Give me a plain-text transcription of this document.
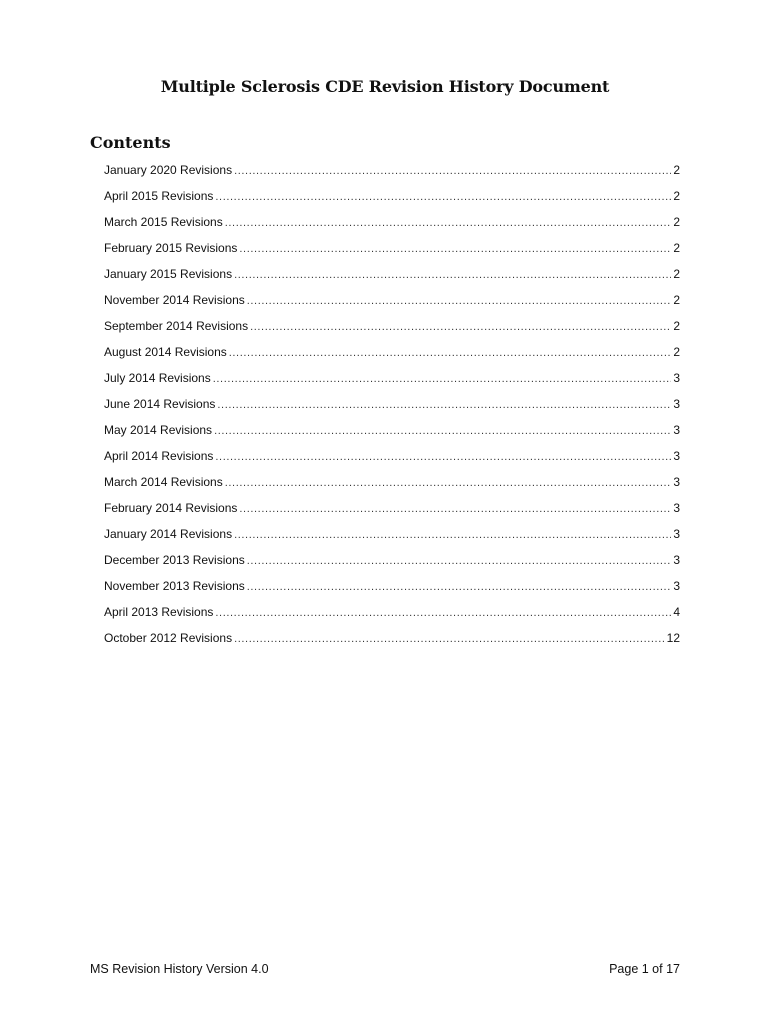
Multiple Sclerosis CDE Revision History Document
Contents
January 2020 Revisions .....	2
April 2015 Revisions .....	2
March 2015 Revisions .....	2
February 2015 Revisions .....	2
January 2015 Revisions .....	2
November 2014 Revisions .....	2
September 2014 Revisions .....	2
August 2014 Revisions .....	2
July 2014 Revisions .....	3
June 2014 Revisions .....	3
May 2014 Revisions .....	3
April 2014 Revisions .....	3
March 2014 Revisions .....	3
February 2014 Revisions .....	3
January 2014 Revisions .....	3
December 2013 Revisions .....	3
November 2013 Revisions .....	3
April 2013 Revisions .....	4
October 2012 Revisions .....	12
MS Revision History Version 4.0	Page 1 of 17
